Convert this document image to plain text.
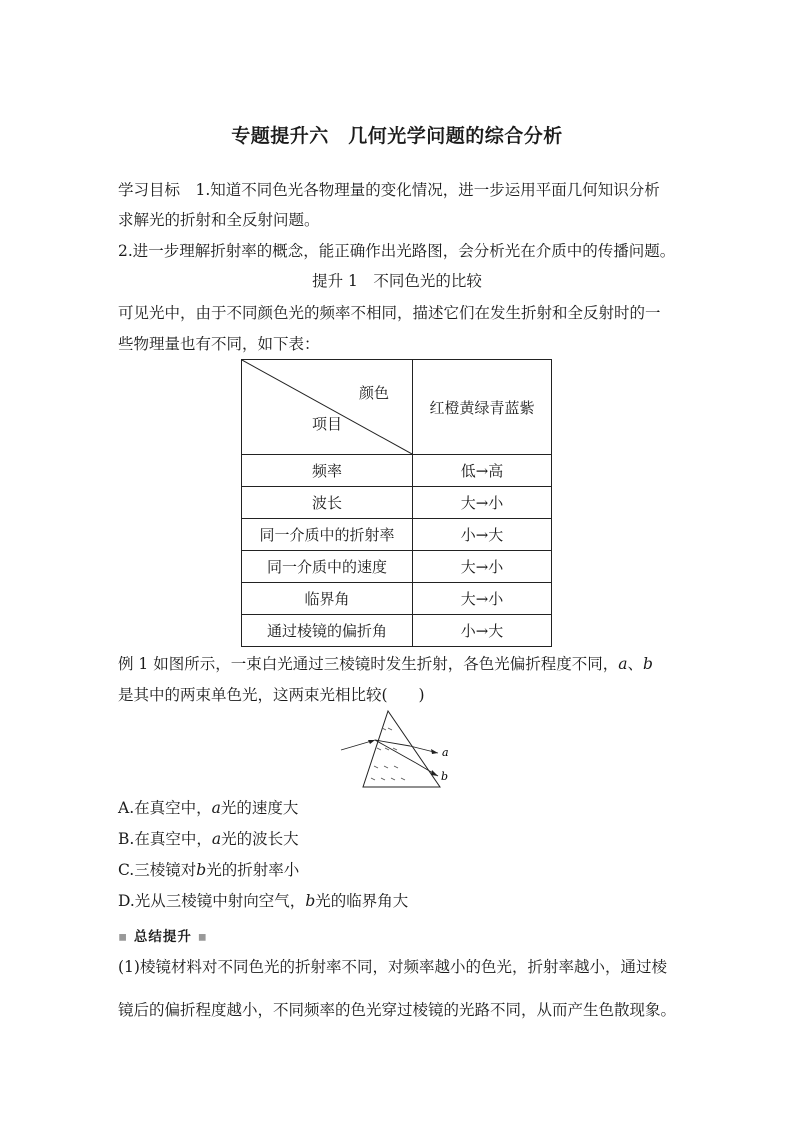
专题提升六　几何光学问题的综合分析
学习目标　1.知道不同色光各物理量的变化情况，进一步运用平面几何知识分析
求解光的折射和全反射问题。
2.进一步理解折射率的概念，能正确作出光路图，会分析光在介质中的传播问题。
提升 1　不同色光的比较
可见光中，由于不同颜色光的频率不相同，描述它们在发生折射和全反射时的一
些物理量也有不同，如下表：
颜色
项目	红橙黄绿青蓝紫
频率	低→高
波长	大→小
同一介质中的折射率	小→大
同一介质中的速度	大→小
临界角	大→小
通过棱镜的偏折角	小→大
例 1 如图所示，一束白光通过三棱镜时发生折射，各色光偏折程度不同，a、b
是其中的两束单色光，这两束光相比较(　　)
a
b
A.在真空中，a光的速度大
B.在真空中，a光的波长大
C.三棱镜对b光的折射率小
D.光从三棱镜中射向空气，b光的临界角大
▪ 总结提升 ▪
(1)棱镜材料对不同色光的折射率不同，对频率越小的色光，折射率越小，通过棱
镜后的偏折程度越小，不同频率的色光穿过棱镜的光路不同，从而产生色散现象。
